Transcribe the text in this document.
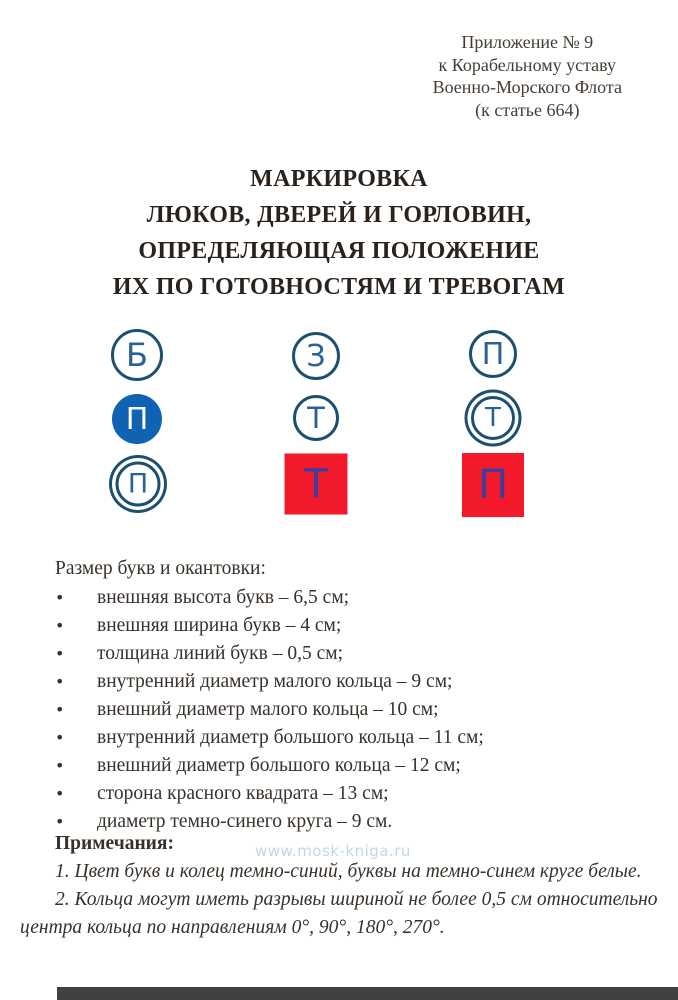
Приложение № 9
к Корабельному уставу
Военно-Морского Флота
(к статье 664)
МАРКИРОВКА
ЛЮКОВ, ДВЕРЕЙ И ГОРЛОВИН,
ОПРЕДЕЛЯЮЩАЯ ПОЛОЖЕНИЕ
ИХ ПО ГОТОВНОСТЯМ И ТРЕВОГАМ
Б	З	П
П	Т	Т
П	Т	П
Размер букв и окантовки:
•	внешняя высота букв – 6,5 см;
•	внешняя ширина букв – 4 см;
•	толщина линий букв – 0,5 см;
•	внутренний диаметр малого кольца – 9 см;
•	внешний диаметр малого кольца – 10 см;
•	внутренний диаметр большого кольца – 11 см;
•	внешний диаметр большого кольца – 12 см;
•	сторона красного квадрата – 13 см;
•	диаметр темно-синего круга – 9 см.
Примечания:

1. Цвет букв и колец темно-синий, буквы на темно-синем круге белые.

2. Кольца могут иметь разрывы шириной не более 0,5 см относительно центра кольца по направлениям 0°, 90°, 180°, 270°.

www.mosk-kniga.ru
